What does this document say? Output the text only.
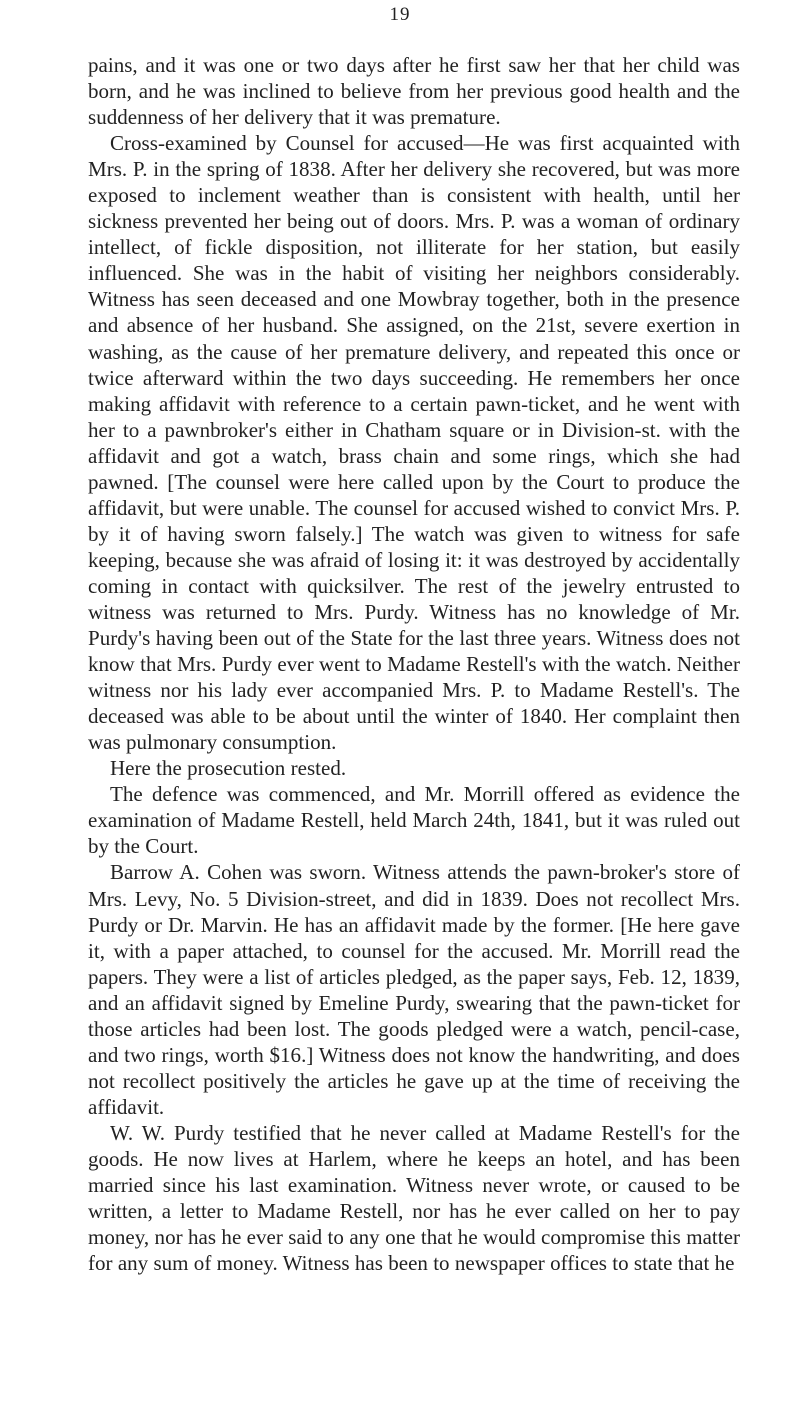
19

pains, and it was one or two days after he first saw her that her child was born, and he was inclined to believe from her previous good health and the suddenness of her delivery that it was premature.

Cross-examined by Counsel for accused—He was first acquainted with Mrs. P. in the spring of 1838. After her delivery she recovered, but was more exposed to inclement weather than is consistent with health, until her sickness prevented her being out of doors. Mrs. P. was a woman of ordinary intellect, of fickle disposition, not illiterate for her station, but easily influenced. She was in the habit of visiting her neighbors considerably. Witness has seen deceased and one Mowbray together, both in the presence and absence of her husband. She assigned, on the 21st, severe exertion in washing, as the cause of her premature delivery, and repeated this once or twice afterward within the two days succeeding. He remembers her once making affidavit with reference to a certain pawn-ticket, and he went with her to a pawnbroker's either in Chatham square or in Division-st. with the affidavit and got a watch, brass chain and some rings, which she had pawned. [The counsel were here called upon by the Court to produce the affidavit, but were unable. The counsel for accused wished to convict Mrs. P. by it of having sworn falsely.] The watch was given to witness for safe keeping, because she was afraid of losing it: it was destroyed by accidentally coming in contact with quicksilver. The rest of the jewelry entrusted to witness was returned to Mrs. Purdy. Witness has no knowledge of Mr. Purdy's having been out of the State for the last three years. Witness does not know that Mrs. Purdy ever went to Madame Restell's with the watch. Neither witness nor his lady ever accompanied Mrs. P. to Madame Restell's. The deceased was able to be about until the winter of 1840. Her complaint then was pulmonary consumption.

Here the prosecution rested.

The defence was commenced, and Mr. Morrill offered as evidence the examination of Madame Restell, held March 24th, 1841, but it was ruled out by the Court.

Barrow A. Cohen was sworn. Witness attends the pawn-broker's store of Mrs. Levy, No. 5 Division-street, and did in 1839. Does not recollect Mrs. Purdy or Dr. Marvin. He has an affidavit made by the former. [He here gave it, with a paper attached, to counsel for the accused. Mr. Morrill read the papers. They were a list of articles pledged, as the paper says, Feb. 12, 1839, and an affidavit signed by Emeline Purdy, swearing that the pawn-ticket for those articles had been lost. The goods pledged were a watch, pencil-case, and two rings, worth $16.] Witness does not know the handwriting, and does not recollect positively the articles he gave up at the time of receiving the affidavit.

W. W. Purdy testified that he never called at Madame Restell's for the goods. He now lives at Harlem, where he keeps an hotel, and has been married since his last examination. Witness never wrote, or caused to be written, a letter to Madame Restell, nor has he ever called on her to pay money, nor has he ever said to any one that he would compromise this matter for any sum of money. Witness has been to newspaper offices to state that he
